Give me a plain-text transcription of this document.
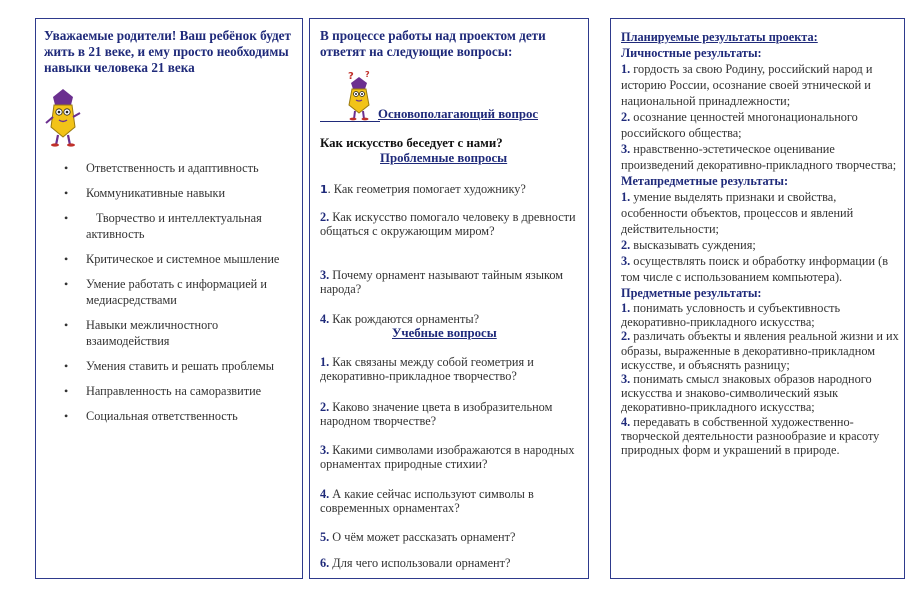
Уважаемые родители! Ваш ребёнок будет жить в 21 веке, и ему просто необходимы навыки человека 21 века
• Ответственность и адаптивность
• Коммуникативные навыки
• Творчество и интеллектуальная активность
• Критическое и системное мышление
• Умение работать с информацией и медиасредствами
• Навыки межличностного взаимодействия
• Умения ставить и решать проблемы
• Направленность на саморазвитие
• Социальная ответственность
В процессе работы над проектом дети ответят на следующие вопросы:
? ?
Основополагающий вопрос
Как искусство беседует с нами?
Проблемные вопросы
1. Как геометрия помогает художнику?
2. Как искусство помогало человеку в древности общаться с окружающим миром?
3. Почему орнамент называют тайным языком народа?
4. Как рождаются орнаменты?
Учебные вопросы
1. Как связаны между собой геометрия и декоративно-прикладное творчество?
2. Каково значение цвета в изобразительном народном творчестве?
3. Какими символами изображаются в народных орнаментах природные стихии?
4. А какие сейчас используют символы в современных орнаментах?
5. О чём может рассказать орнамент?
6. Для чего использовали орнамент?
Планируемые результаты проекта:
Личностные результаты:
1. гордость за свою Родину, российский народ и историю России, осознание своей этнической и национальной принадлежности;
2. осознание ценностей многонационального российского общества;
3. нравственно-эстетическое оценивание произведений декоративно-прикладного творчества;
Метапредметные результаты:
1. умение выделять признаки и свойства, особенности объектов, процессов и явлений действительности;
2. высказывать суждения;
3. осуществлять поиск и обработку информации (в том числе с использованием компьютера).
Предметные результаты:
1. понимать условность и субъективность декоративно-прикладного искусства;
2. различать объекты и явления реальной жизни и их образы, выраженные в декоративно-прикладном искусстве, и объяснять разницу;
3. понимать смысл знаковых образов народного искусства и знаково-символический язык декоративно-прикладного искусства;
4. передавать в собственной художественно-творческой деятельности разнообразие и красоту природных форм и украшений в природе.
